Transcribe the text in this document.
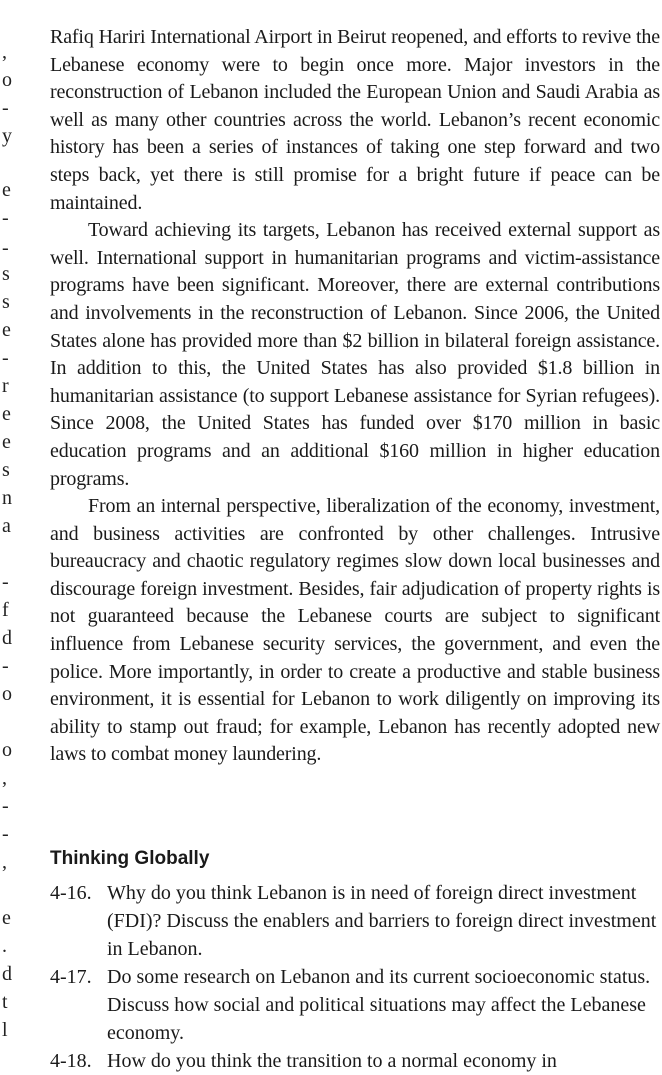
,
o
-
y
e
-
-
s
s
e
-
r
e
e
s
n
a
-
f
d
-
o
o
,
-
-
,
e
.
d
t
l

Rafiq Hariri International Airport in Beirut reopened, and efforts to revive the Lebanese economy were to begin once more. Major investors in the reconstruction of Lebanon included the European Union and Saudi Arabia as well as many other countries across the world. Lebanon’s recent economic history has been a series of instances of taking one step forward and two steps back, yet there is still promise for a bright future if peace can be maintained.

Toward achieving its targets, Lebanon has received external support as well. International support in humanitarian programs and victim-assistance programs have been significant. Moreover, there are external contributions and involvements in the reconstruction of Lebanon. Since 2006, the United States alone has provided more than $2 billion in bilateral foreign assistance. In addition to this, the United States has also provided $1.8 billion in humanitarian assistance (to support Lebanese assistance for Syrian refugees). Since 2008, the United States has funded over $170 million in basic education programs and an additional $160 million in higher education programs.

From an internal perspective, liberalization of the economy, investment, and business activities are confronted by other challenges. Intrusive bureaucracy and chaotic regulatory regimes slow down local businesses and discourage foreign investment. Besides, fair adjudication of property rights is not guaranteed because the Lebanese courts are subject to significant influence from Lebanese security services, the government, and even the police. More importantly, in order to create a productive and stable business environment, it is essential for Lebanon to work diligently on improving its ability to stamp out fraud; for example, Lebanon has recently adopted new laws to combat money laundering.

Thinking Globally
4-16. Why do you think Lebanon is in need of foreign direct investment (FDI)? Discuss the enablers and barriers to foreign direct investment in Lebanon.
4-17. Do some research on Lebanon and its current socioeconomic status. Discuss how social and political situations may affect the Lebanese economy.
4-18. How do you think the transition to a normal economy in
